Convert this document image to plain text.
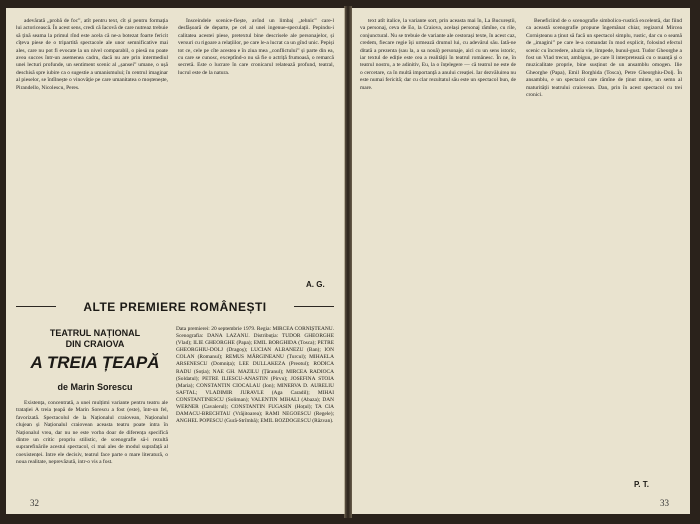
adevărată „probă de foc”, atît pentru text, cît și pentru formația lui actoricească. În acest sens, credi că Iacovă de care nutreaz trebuie să țină seama la primul rînd este acela că ne-a botezat foarte fericit cîțeva piese de o tripartită spectacole ale unor semnificative mai ales, care nu pot fi evocate la un nivel comparabil, o piesă nu poate avea succes într-un asemenea cadru, dacă nu are prin intermediul unei lecturi profunde, un sentiment scenic al „șansei” umane, o ușă deschisă spre iubire ca o sugestie a umanismului; în centrul imaginar al pieselor, se întîlnește o vinovăție pe care umanitatea o moștenește, Pirandello, Nicolescu, Peres.

Însceindele scenice-fiește, avînd un limbaj „tehnic” care-l desfășoară de departe, pe cel al unei ingenue-speculații. Pepindu-i calitatea acestei piese, pretextul bine descrisele ale personajelor, și versuri cu rigoare a relațiilor, pe care le-a lucrat ca un gînd unic. Pepiși tot ce, cele pe cîte acestea e în ziua mea „conflictului” și parte din ea, cu care se cunosc, exceptînd-o nu să fie o actriță frumoasă, o remarcă secretă. Este o lucrare în care cronicarul relatează profund, teatral, lucrul este de la natura.

A. G.
ALTE PREMIERE ROMÂNEȘTI
TEATRUL NAȚIONAL
DIN CRAIOVA
A TREIA ȚEAPĂ
de Marin Sorescu
Data premierei: 20 septembrie 1979. Regia: MIRCEA CORNIȘTEANU. Scenografia: DANA LAZANU. Distribuția: TUDOR GHEORGHE (Vlad); ILIE GHEORGHE (Papa); EMIL BORGHIDA (Tosca); PETRE GHEORGHIU-DOLJ (Dragoș); LUCIAN ALBANEZU (Ban); ION COLAN (Romanul); REMUS MĂRGINEANU (Turcul); MIHAELA ARSENESCU (Domnița); LEE DULLAKEZA (Preotul); RODICA RADU (Soția); NAE GH. MAZILU (Țăranul); MIRCEA RADIOCA (Soldatul); PETRE ILIESCU-ANASTIN (Pirvu); JOSEFINA STOIA (Maria); CONSTANTIN CIOCALAU (Ion); MINERVA D. AURELIU SAFTAL; VLADIMIR JURAVLE (Aga Caradil); MIHAI CONSTANTINESCU (Soliman); VALENTIN MIHALI (Abaza); DAN WERNER (Cavalerul); CONSTANTIN FUGASIN (Hoțul); TA CIA DAMACU-BRECHTAU (Vrăjitoarea); RAMI NEGOESCU (Regele); ANGHEL POPESCU (Gură-Strîmbă); EMIL BOZDOGESCU (Răzvan).

Existența, concentrată, a unei mulțimi variante pentru teatru ale tratației A treia țeapă de Marin Sorescu a fost (este), într-un fel, favorizată. Spectacolul de la Naționalul craiovean, Naționalul clujean și Naționalul craiovean aceasta teatru poate intra în Naționalul vrea, dar nu ne este vorba doar de diferența specifică dintre un critic propriu stilistic, de scenografie să-i rezultă suprarefinările acestui spectacol, ci mai ales de modul suprafață al coexistenței. Intre ele decisiv, teatrul face parte o mare literatură, o noua realitate, neprevăzută, intr-o vis a fost.

32

text atît italice, la variante sort, prin aceasta mai în, La Bucureștii, va personaj, ceva de Eo, la Craiova, același personaj rămîne, cu rile, conjunctural. Nu se trebuie de variante ale cestorași texte, în acest caz, credem, fiecare regie își urmează drumul lui, cu adevărul său. Iată-ne ditată a prezenta (sau la, a sa nouă) personaje, aici cu un sens istoric, iar textul de ediție este cea a realității în teatrul românesc. În ne, în teatrul nostru, a te adinitiv, Eu, la o înțelegere — că teatrul ne este de o cercetare, ca în multă importanță a anului creației. Iar dezvăluirea nu este numai fericită; dar cu clar rezultatul său este un spectacol bun, de mare.

Beneficiind de o scenografie simbolico-rustică excelentă, dat fiind ca această scenografie propune îngemănat chiar, regizorul Mircea Cornișteanu a ținut să facă un spectacol simplu, rustic, dar cu o seamă de „imagini” pe care le-a comandat în mod explicit, folosind efectul scenic cu încredere, aluzia vie, limpede, bunul-gust. Tudor Gheorghe a fost un Vlad trecut, ambiguu, pe care îl interpretează cu o nuanță și o muzicalitate proprie, bine susținut de un ansamblu omogen. Ilie Gheorghe (Papa), Emil Borghida (Tosca), Petre Gheorghiu-Dolj. În ansamblu, e un spectacol care rămîne de ținut minte, un semn al maturității teatrului craiovean. Dan, prin în acest spectacol cu trei cronici.

P. T.
33
